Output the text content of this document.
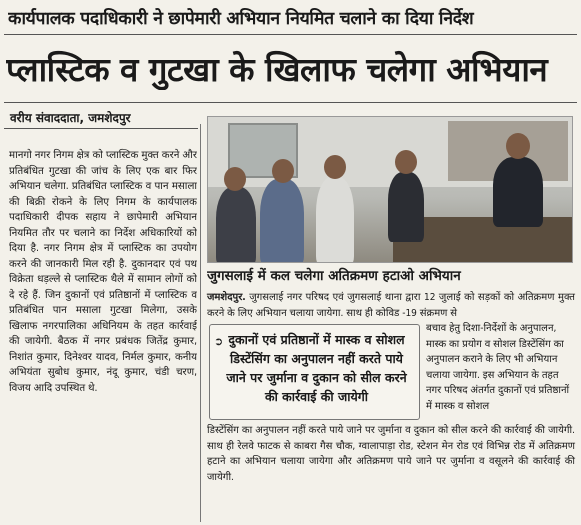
कार्यपालक पदाधिकारी ने छापेमारी अभियान नियमित चलाने का दिया निर्देश
प्लास्टिक व गुटखा के खिलाफ चलेगा अभियान
वरीय संवाददाता, जमशेदपुर
मानगो नगर निगम क्षेत्र को प्लास्टिक मुक्त करने और प्रतिबंधित गुटखा की जांच के लिए एक बार फिर अभियान चलेगा. प्रतिबंधित प्लास्टिक व पान मसाला की बिक्री रोकने के लिए निगम के कार्यपालक पदाधिकारी दीपक सहाय ने छापेमारी अभियान नियमित तौर पर चलाने का निर्देश अधिकारियों को दिया है. नगर निगम क्षेत्र में प्लास्टिक का उपयोग करने की जानकारी मिल रही है. दुकानदार एवं पथ विक्रेता धड़ल्ले से प्लास्टिक थैले में सामान लोगों को दे रहे हैं. जिन दुकानों एवं प्रतिष्ठानों में प्लास्टिक व प्रतिबंधित पान मसाला गुटखा मिलेगा, उसके खिलाफ नगरपालिका अधिनियम के तहत कार्रवाई की जायेगी. बैठक में नगर प्रबंधक जितेंद्र कुमार, निशांत कुमार, दिनेश्वर यादव, निर्मल कुमार, कनीय अभियंता सुबोध कुमार, नंदू कुमार, चंडी चरण, विजय आदि उपस्थित थे.
जुगसलाई में कल चलेगा अतिक्रमण हटाओ अभियान
जमशेदपुर. जुगसलाई नगर परिषद एवं जुगसलाई थाना द्वारा 12 जुलाई को सड़कों को अतिक्रमण मुक्त करने के लिए अभियान चलाया जायेगा. साथ ही कोविड -19 संक्रमण से
➲ दुकानों एवं प्रतिष्ठानों में मास्क व सोशल डिस्टेंसिंग का अनुपालन नहीं करते पाये जाने पर जुर्माना व दुकान को सील करने की कार्रवाई की जायेगी
बचाव हेतु दिशा-निर्देशों के अनुपालन, मास्क का प्रयोग व सोशल डिस्टेंसिंग का अनुपालन कराने के लिए भी अभियान चलाया जायेगा. इस अभियान के तहत नगर परिषद अंतर्गत दुकानों एवं प्रतिष्ठानों में मास्क व सोशल
डिस्टेंसिंग का अनुपालन नहीं करते पाये जाने पर जुर्माना व दुकान को सील करने की कार्रवाई की जायेगी. साथ ही रेलवे फाटक से काबरा गैस चौक, ग्वालापाड़ा रोड, स्टेशन मेन रोड एवं विभिन्न रोड में अतिक्रमण हटाने का अभियान चलाया जायेगा और अतिक्रमण पाये जाने पर जुर्माना व वसूलने की कार्रवाई की जायेगी.
